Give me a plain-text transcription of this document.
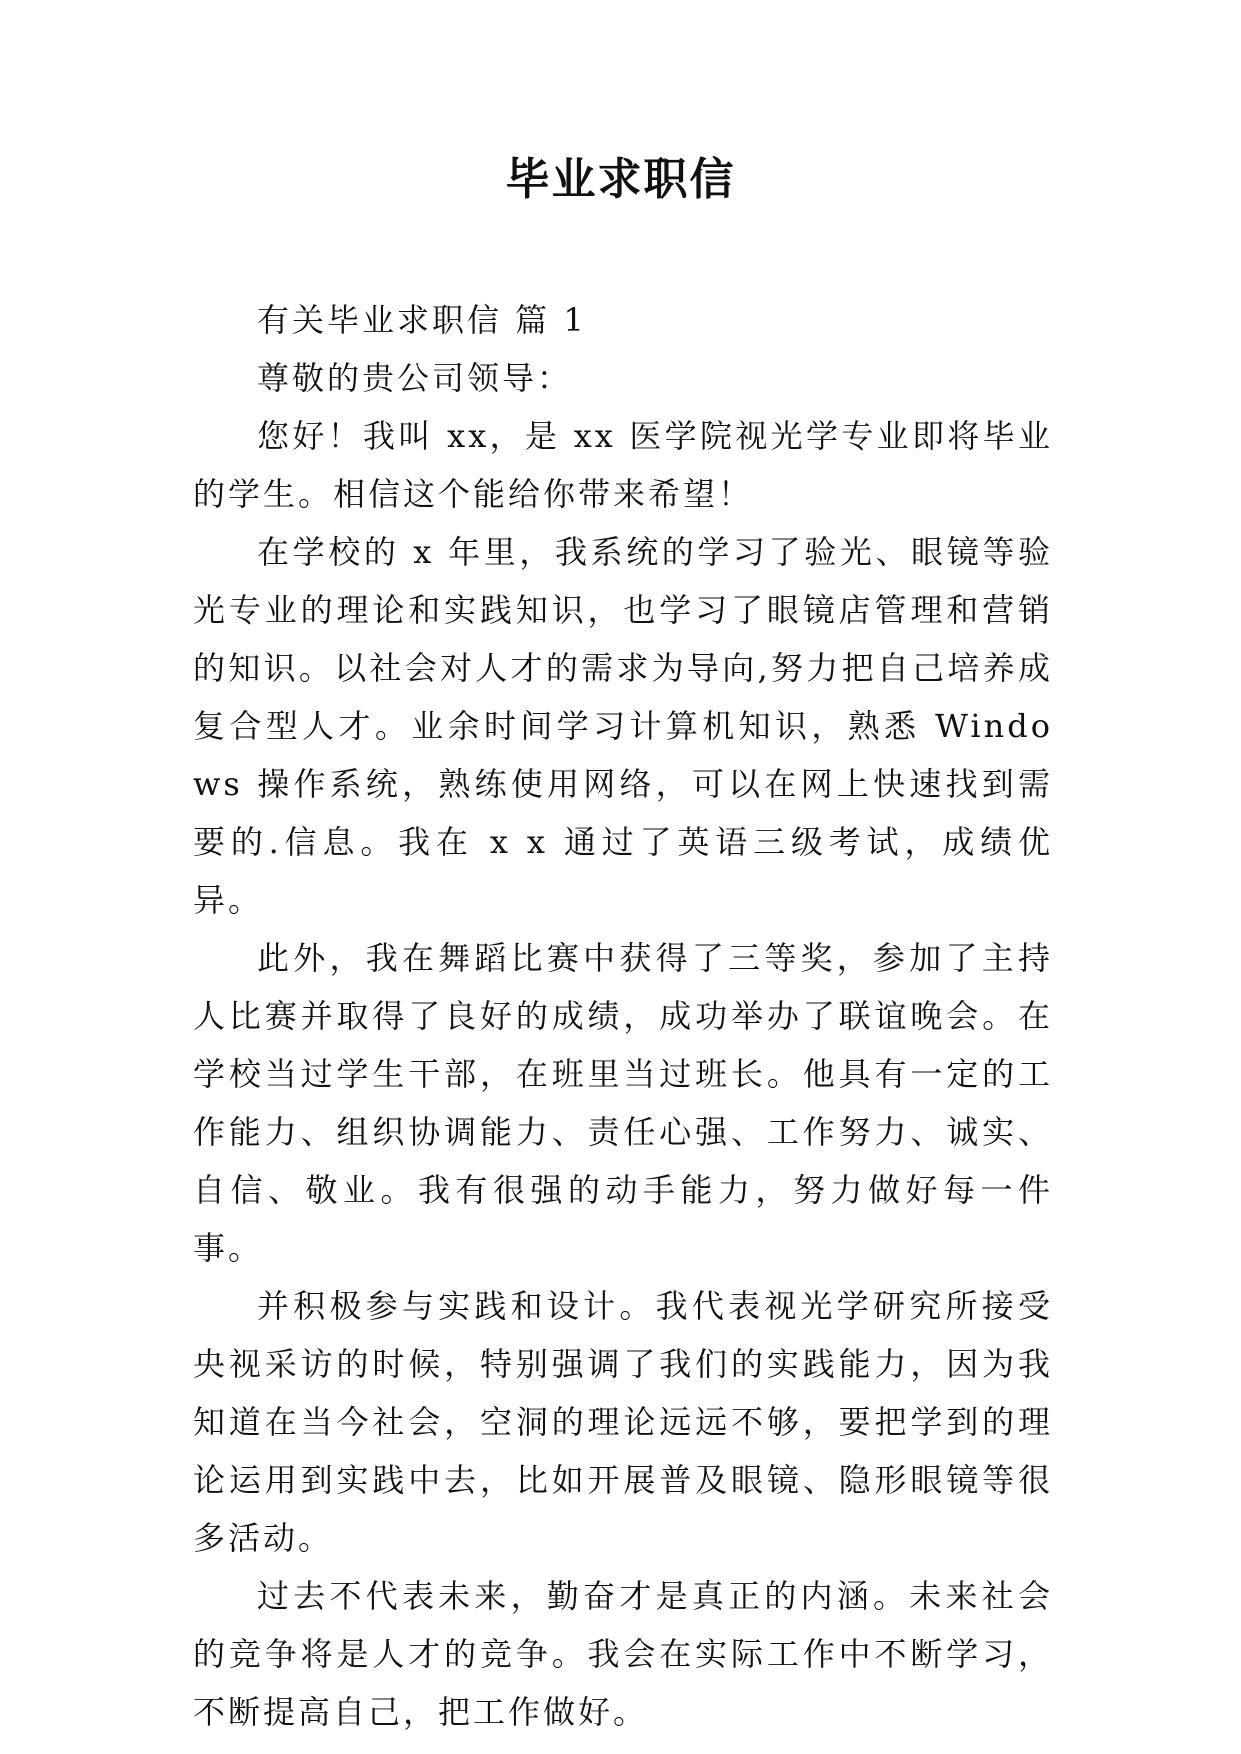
毕业求职信

有关毕业求职信 篇 1

尊敬的贵公司领导：

您好！我叫 xx，是 xx 医学院视光学专业即将毕业的学生。相信这个能给你带来希望！

在学校的 x 年里，我系统的学习了验光、眼镜等验光专业的理论和实践知识，也学习了眼镜店管理和营销的知识。以社会对人才的需求为导向,努力把自己培养成复合型人才。业余时间学习计算机知识，熟悉 Windows 操作系统，熟练使用网络，可以在网上快速找到需要的.信息。我在 x x 通过了英语三级考试，成绩优异。

此外，我在舞蹈比赛中获得了三等奖，参加了主持人比赛并取得了良好的成绩，成功举办了联谊晚会。在学校当过学生干部，在班里当过班长。他具有一定的工作能力、组织协调能力、责任心强、工作努力、诚实、自信、敬业。我有很强的动手能力，努力做好每一件事。

并积极参与实践和设计。我代表视光学研究所接受央视采访的时候，特别强调了我们的实践能力，因为我知道在当今社会，空洞的理论远远不够，要把学到的理论运用到实践中去，比如开展普及眼镜、隐形眼镜等很多活动。

过去不代表未来，勤奋才是真正的内涵。未来社会的竞争将是人才的竞争。我会在实际工作中不断学习，不断提高自己，把工作做好。
